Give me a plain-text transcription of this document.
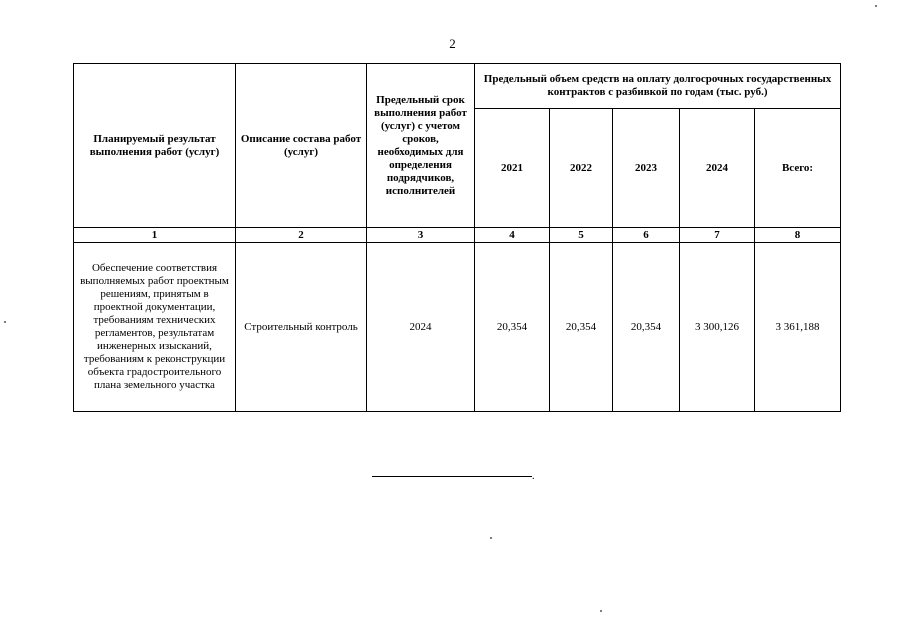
2
Планируемый результат выполнения работ (услуг)	Описание состава работ (услуг)	Предельный срок выполнения работ (услуг) с учетом сроков, необходимых для определения подрядчиков, исполнителей	Предельный объем средств на оплату долгосрочных государственных контрактов с разбивкой по годам (тыс. руб.)				
			2021	2022	2023	2024	Всего:
1	2	3	4	5	6	7	8
Обеспечение соответствия выполняемых работ проектным решениям, принятым в проектной документации, требованиям технических регламентов, результатам инженерных изысканий, требованиям к реконструкции объекта градостроительного плана земельного участка	Строительный контроль	2024	20,354	20,354	20,354	3 300,126	3 361,188
.
